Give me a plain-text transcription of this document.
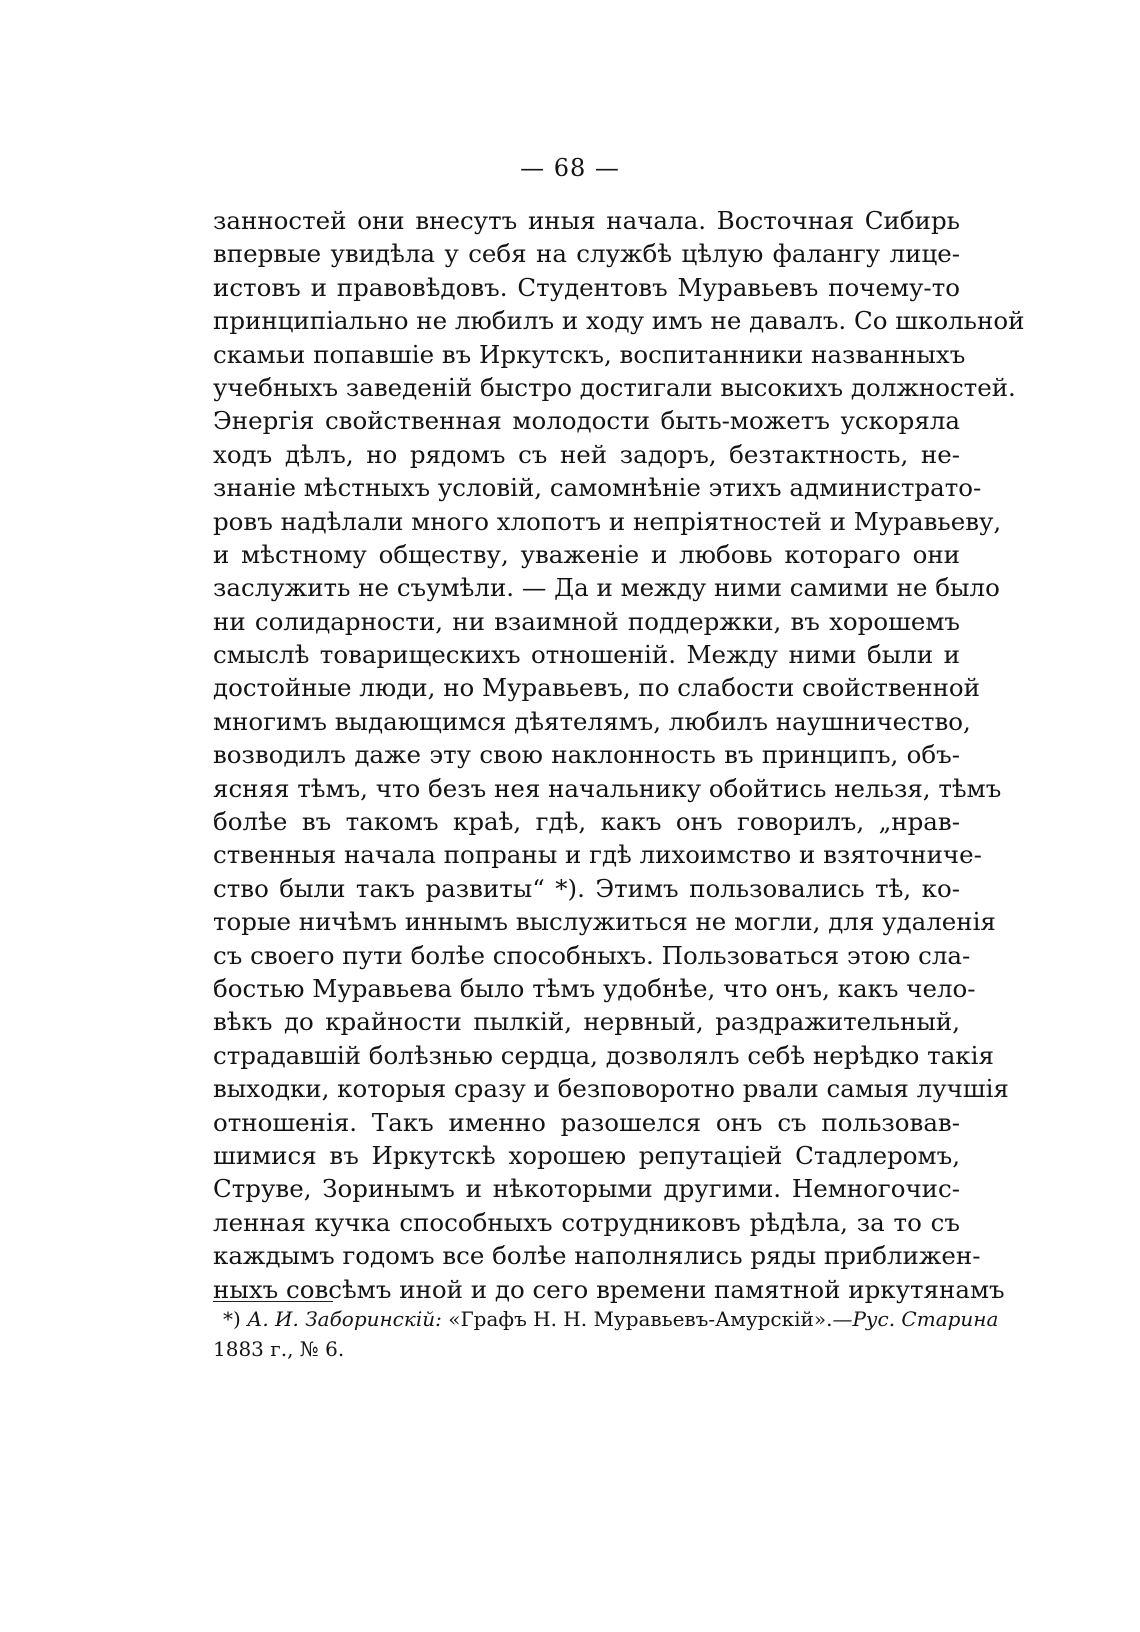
— 68 —
занностей они внесутъ иныя начала. Восточная Сибирь
впервые увидѣла у себя на службѣ цѣлую фалангу лице-
истовъ и правовѣдовъ. Студентовъ Муравьевъ почему-то
принципіально не любилъ и ходу имъ не давалъ. Со школьной
скамьи попавшіе въ Иркутскъ, воспитанники названныхъ
учебныхъ заведеній быстро достигали высокихъ должностей.
Энергія свойственная молодости быть-можетъ ускоряла
ходъ дѣлъ, но рядомъ съ ней задоръ, безтактность, не-
знаніе мѣстныхъ условій, самомнѣніе этихъ администрато-
ровъ надѣлали много хлопотъ и непріятностей и Муравьеву,
и мѣстному обществу, уваженіе и любовь котораго они
заслужить не съумѣли. — Да и между ними самими не было
ни солидарности, ни взаимной поддержки, въ хорошемъ
смыслѣ товарищескихъ отношеній. Между ними были и
достойные люди, но Муравьевъ, по слабости свойственной
многимъ выдающимся дѣятелямъ, любилъ наушничество,
возводилъ даже эту свою наклонность въ принципъ, объ-
ясняя тѣмъ, что безъ нея начальнику обойтись нельзя, тѣмъ
болѣе въ такомъ краѣ, гдѣ, какъ онъ говорилъ, „нрав-
ственныя начала попраны и гдѣ лихоимство и взяточниче-
ство были такъ развиты“ *). Этимъ пользовались тѣ, ко-
торые ничѣмъ иннымъ выслужиться не могли, для удаленія
съ своего пути болѣе способныхъ. Пользоваться этою сла-
бостью Муравьева было тѣмъ удобнѣе, что онъ, какъ чело-
вѣкъ до крайности пылкій, нервный, раздражительный,
страдавшій болѣзнью сердца, дозволялъ себѣ нерѣдко такія
выходки, которыя сразу и безповоротно рвали самыя лучшія
отношенія. Такъ именно разошелся онъ съ пользовав-
шимися въ Иркутскѣ хорошею репутаціей Стадлеромъ,
Струве, Зоринымъ и нѣкоторыми другими. Немногочис-
ленная кучка способныхъ сотрудниковъ рѣдѣла, за то съ
каждымъ годомъ все болѣе наполнялись ряды приближен-
ныхъ совсѣмъ иной и до сего времени памятной иркутянамъ
*) А. И. Заборинскій: «Графъ Н. Н. Муравьевъ-Амурскій».—Рус. Старина
1883 г., № 6.
